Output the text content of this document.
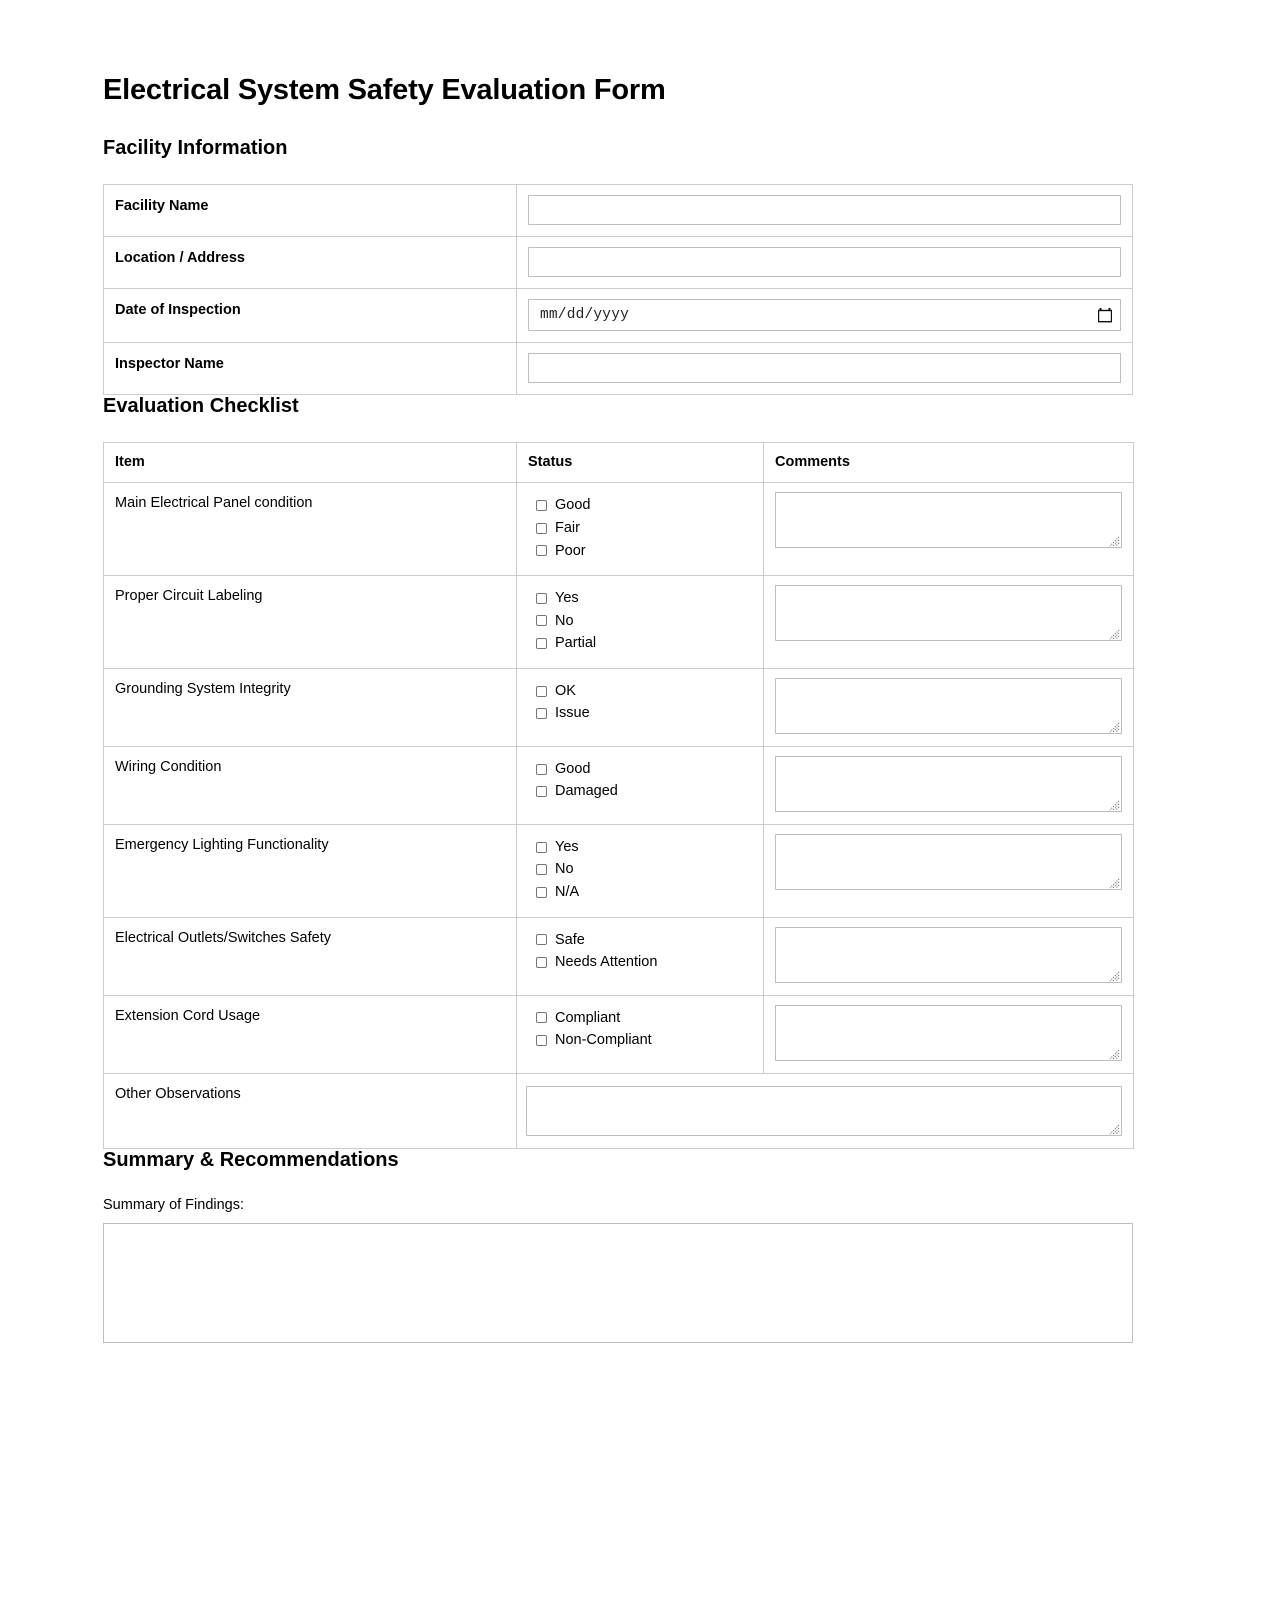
Electrical System Safety Evaluation Form
Facility Information
Facility Name	

Location / Address	

Date of Inspection	
mm/dd/yyyy

Inspector Name	
Evaluation Checklist
Item	Status	Comments
Main Electrical Panel condition	Good
Fair
Poor

Proper Circuit Labeling	Yes
No
Partial

Grounding System Integrity	OK
Issue

Wiring Condition	Good
Damaged

Emergency Lighting Functionality	Yes
No
N/A

Electrical Outlets/Switches Safety	Safe
Needs Attention

Extension Cord Usage	Compliant
Non-Compliant

Other Observations	
Summary & Recommendations
Summary of Findings:
